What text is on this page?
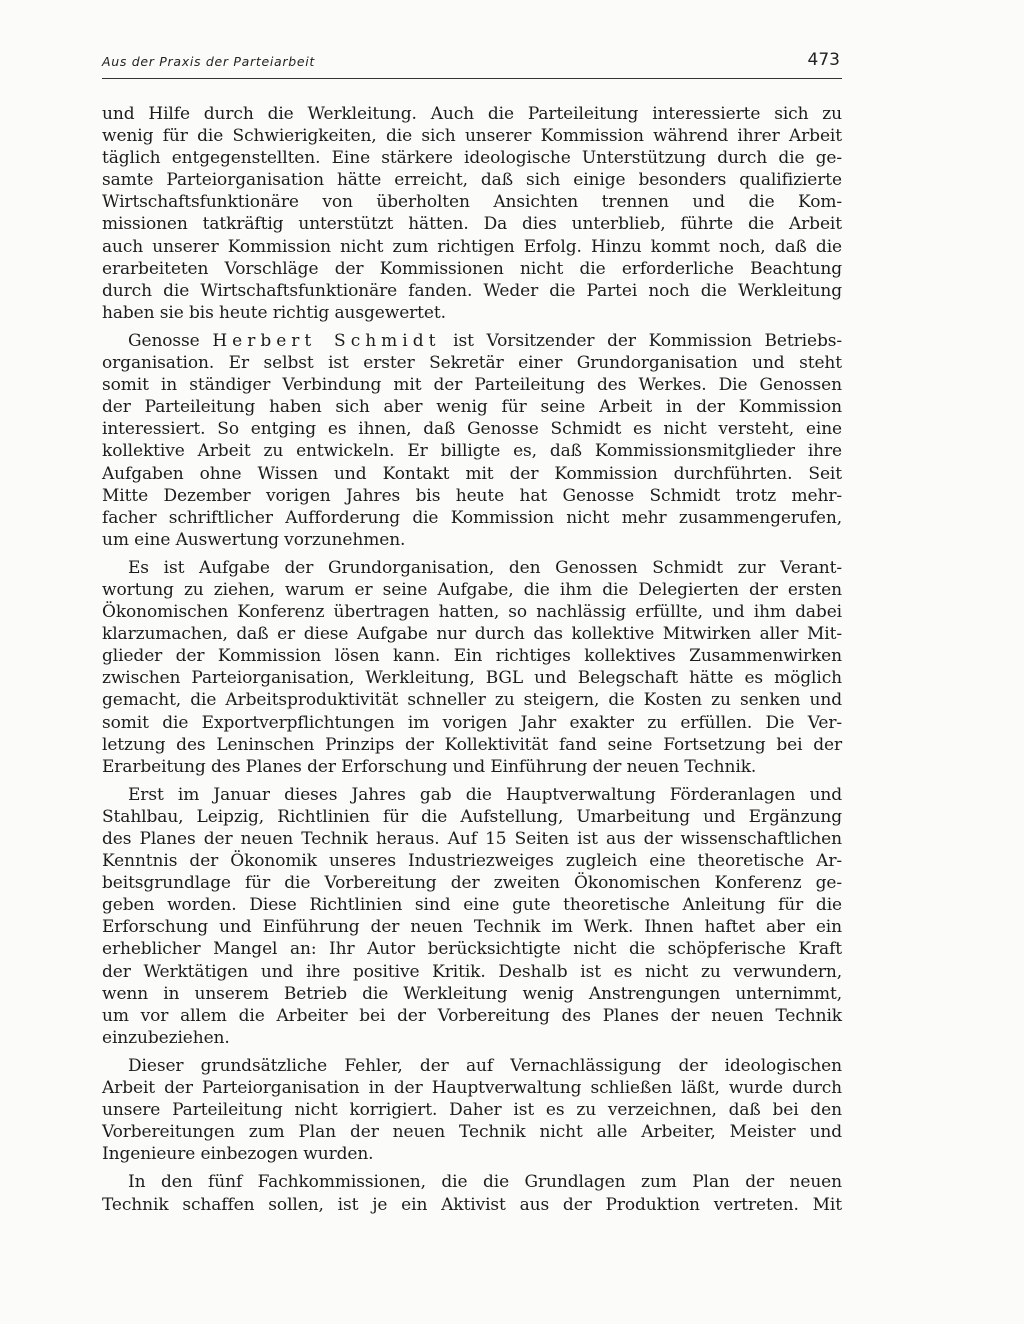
Aus der Praxis der Parteiarbeit	473
und Hilfe durch die Werkleitung. Auch die Parteileitung interessierte sich zu
wenig für die Schwierigkeiten, die sich unserer Kommission während ihrer Arbeit
täglich entgegenstellten. Eine stärkere ideologische Unterstützung durch die ge-
samte Parteiorganisation hätte erreicht, daß sich einige besonders qualifizierte
Wirtschaftsfunktionäre von überholten Ansichten trennen und die Kom-
missionen tatkräftig unterstützt hätten. Da dies unterblieb, führte die Arbeit
auch unserer Kommission nicht zum richtigen Erfolg. Hinzu kommt noch, daß die
erarbeiteten Vorschläge der Kommissionen nicht die erforderliche Beachtung
durch die Wirtschaftsfunktionäre fanden. Weder die Partei noch die Werkleitung
haben sie bis heute richtig ausgewertet.
Genosse Herbert Schmidt ist Vorsitzender der Kommission Betriebs-
organisation. Er selbst ist erster Sekretär einer Grundorganisation und steht
somit in ständiger Verbindung mit der Parteileitung des Werkes. Die Genossen
der Parteileitung haben sich aber wenig für seine Arbeit in der Kommission
interessiert. So entging es ihnen, daß Genosse Schmidt es nicht versteht, eine
kollektive Arbeit zu entwickeln. Er billigte es, daß Kommissionsmitglieder ihre
Aufgaben ohne Wissen und Kontakt mit der Kommission durchführten. Seit
Mitte Dezember vorigen Jahres bis heute hat Genosse Schmidt trotz mehr-
facher schriftlicher Aufforderung die Kommission nicht mehr zusammengerufen,
um eine Auswertung vorzunehmen.
Es ist Aufgabe der Grundorganisation, den Genossen Schmidt zur Verant-
wortung zu ziehen, warum er seine Aufgabe, die ihm die Delegierten der ersten
Ökonomischen Konferenz übertragen hatten, so nachlässig erfüllte, und ihm dabei
klarzumachen, daß er diese Aufgabe nur durch das kollektive Mitwirken aller Mit-
glieder der Kommission lösen kann. Ein richtiges kollektives Zusammenwirken
zwischen Parteiorganisation, Werkleitung, BGL und Belegschaft hätte es möglich
gemacht, die Arbeitsproduktivität schneller zu steigern, die Kosten zu senken und
somit die Exportverpflichtungen im vorigen Jahr exakter zu erfüllen. Die Ver-
letzung des Leninschen Prinzips der Kollektivität fand seine Fortsetzung bei der
Erarbeitung des Planes der Erforschung und Einführung der neuen Technik.
Erst im Januar dieses Jahres gab die Hauptverwaltung Förderanlagen und
Stahlbau, Leipzig, Richtlinien für die Aufstellung, Umarbeitung und Ergänzung
des Planes der neuen Technik heraus. Auf 15 Seiten ist aus der wissenschaftlichen
Kenntnis der Ökonomik unseres Industriezweiges zugleich eine theoretische Ar-
beitsgrundlage für die Vorbereitung der zweiten Ökonomischen Konferenz ge-
geben worden. Diese Richtlinien sind eine gute theoretische Anleitung für die
Erforschung und Einführung der neuen Technik im Werk. Ihnen haftet aber ein
erheblicher Mangel an: Ihr Autor berücksichtigte nicht die schöpferische Kraft
der Werktätigen und ihre positive Kritik. Deshalb ist es nicht zu verwundern,
wenn in unserem Betrieb die Werkleitung wenig Anstrengungen unternimmt,
um vor allem die Arbeiter bei der Vorbereitung des Planes der neuen Technik
einzubeziehen.
Dieser grundsätzliche Fehler, der auf Vernachlässigung der ideologischen
Arbeit der Parteiorganisation in der Hauptverwaltung schließen läßt, wurde durch
unsere Parteileitung nicht korrigiert. Daher ist es zu verzeichnen, daß bei den
Vorbereitungen zum Plan der neuen Technik nicht alle Arbeiter, Meister und
Ingenieure einbezogen wurden.
In den fünf Fachkommissionen, die die Grundlagen zum Plan der neuen
Technik schaffen sollen, ist je ein Aktivist aus der Produktion vertreten. Mit
